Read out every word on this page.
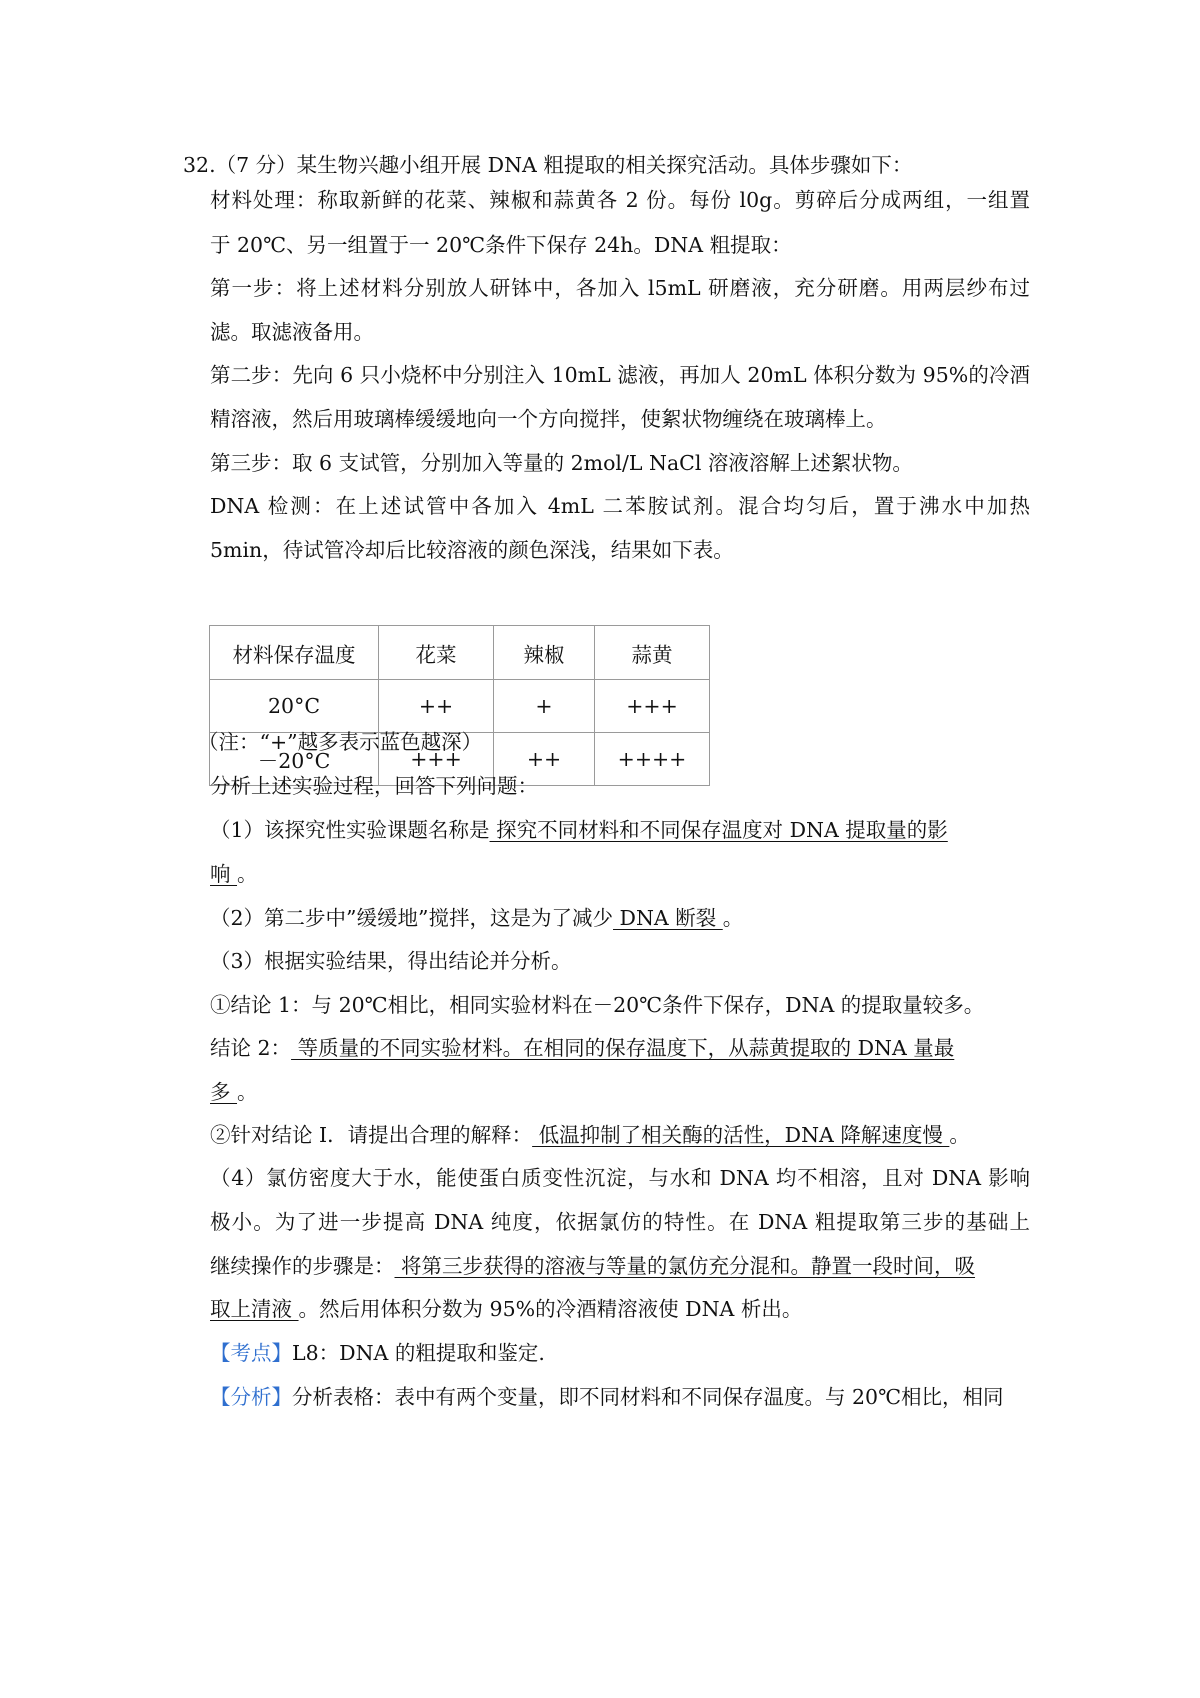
32.（7 分）某生物兴趣小组开展 DNA 粗提取的相关探究活动。具体步骤如下：
材料处理：称取新鲜的花菜、辣椒和蒜黄各 2 份。每份 l0g。剪碎后分成两组，一组置
于 20℃、另一组置于一 20℃条件下保存 24h。DNA 粗提取：
第一步：将上述材料分别放人研钵中，各加入 l5mL 研磨液，充分研磨。用两层纱布过
滤。取滤液备用。
第二步：先向 6 只小烧杯中分别注入 10mL 滤液，再加人 20mL 体积分数为 95%的冷酒
精溶液，然后用玻璃棒缓缓地向一个方向搅拌，使絮状物缠绕在玻璃棒上。
第三步：取 6 支试管，分别加入等量的 2mol/L NaCl 溶液溶解上述絮状物。
DNA 检测：在上述试管中各加入 4mL 二苯胺试剂。混合均匀后，置于沸水中加热
5min，待试管冷却后比较溶液的颜色深浅，结果如下表。
材料保存温度	花菜	辣椒	蒜黄
20°C	++	+	+++
－20°C	+++	++	++++
（注：“+”越多表示蓝色越深）
分析上述实验过程，回答下列问题：
（1）该探究性实验课题名称是 探究不同材料和不同保存温度对 DNA 提取量的影
响 。
（2）第二步中”缓缓地”搅拌，这是为了减少 DNA 断裂 。
（3）根据实验结果，得出结论并分析。
①结论 1：与 20℃相比，相同实验材料在－20℃条件下保存，DNA 的提取量较多。
结论 2： 等质量的不同实验材料。在相同的保存温度下，从蒜黄提取的 DNA 量最
多 。
②针对结论 I．请提出合理的解释： 低温抑制了相关酶的活性，DNA 降解速度慢 。
（4）氯仿密度大于水，能使蛋白质变性沉淀，与水和 DNA 均不相溶，且对 DNA 影响
极小。为了进一步提高 DNA 纯度，依据氯仿的特性。在 DNA 粗提取第三步的基础上
继续操作的步骤是： 将第三步获得的溶液与等量的氯仿充分混和。静置一段时间，吸
取上清液 。然后用体积分数为 95%的冷酒精溶液使 DNA 析出。
【考点】L8：DNA 的粗提取和鉴定.
【分析】分析表格：表中有两个变量，即不同材料和不同保存温度。与 20℃相比，相同
